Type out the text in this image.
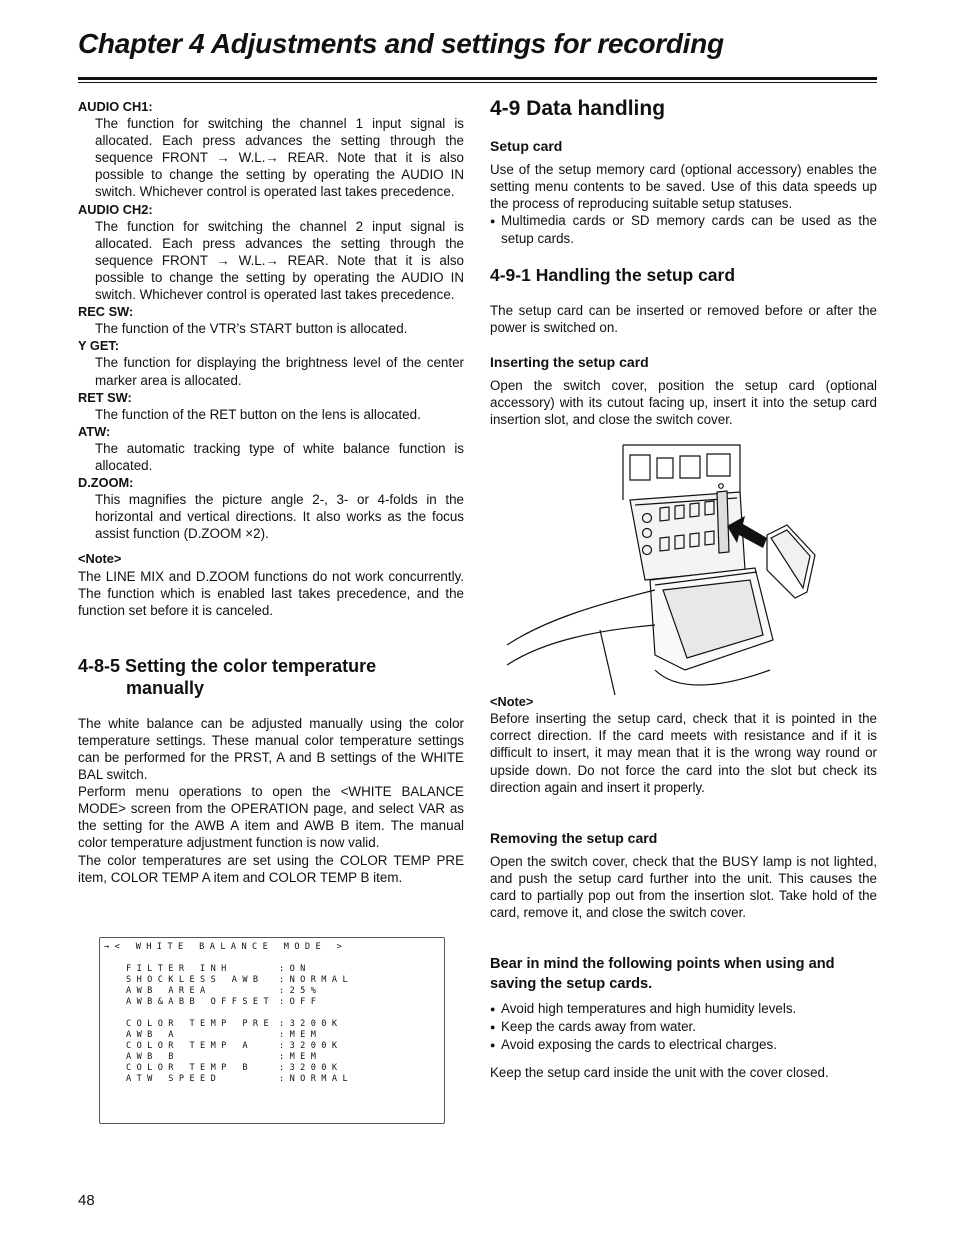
Chapter 4 Adjustments and settings for recording

AUDIO CH1:

The function for switching the channel 1 input signal is allocated. Each press advances the setting through the sequence FRONT → W.L.→ REAR. Note that it is also possible to change the setting by operating the AUDIO IN switch. Whichever control is operated last takes precedence.

AUDIO CH2:

The function for switching the channel 2 input signal is allocated. Each press advances the setting through the sequence FRONT → W.L.→ REAR. Note that it is also possible to change the setting by operating the AUDIO IN switch. Whichever control is operated last takes precedence.

REC SW:

The function of the VTR’s START button is allocated.

Y GET:

The function for displaying the brightness level of the center marker area is allocated.

RET SW:

The function of the RET button on the lens is allocated.

ATW:

The automatic tracking type of white balance function is allocated.

D.ZOOM:

This magnifies the picture angle 2-, 3- or 4-folds in the horizontal and vertical directions. It also works as the focus assist function (D.ZOOM ×2).

<Note>

The LINE MIX and D.ZOOM functions do not work concurrently. The function which is enabled last takes precedence, and the function set before it is canceled.

4-8-5 Setting the color temperature
manually

The white balance can be adjusted manually using the color temperature settings. These manual color temperature settings can be performed for the PRST, A and B settings of the WHITE BAL switch.

Perform menu operations to open the <WHITE BALANCE MODE> screen from the OPERATION page, and select VAR as the setting for the AWB A item and AWB B item. The manual color temperature adjustment function is now valid.

The color temperatures are set using the COLOR TEMP PRE item, COLOR TEMP A item and COLOR TEMP B item.

→< WHITE BALANCE MODE >
FILTER INH	:ON
SHOCKLESS AWB :NORMAL
AWB AREA	:25%
AWB&ABB OFFSET :OFF
COLOR TEMP PRE :3200K
AWB A	:MEM
COLOR TEMP A	:3200K
AWB B	:MEM
COLOR TEMP B	:3200K
ATW SPEED	:NORMAL
4-9 Data handling

Setup card

Use of the setup memory card (optional accessory) enables the setting menu contents to be saved. Use of this data speeds up the process of reproducing suitable setup statuses.

● Multimedia cards or SD memory cards can be used as the setup cards.

4-9-1 Handling the setup card

The setup card can be inserted or removed before or after the power is switched on.

Inserting the setup card

Open the switch cover, position the setup card (optional accessory) with its cutout facing up, insert it into the setup card insertion slot, and close the switch cover.

<Note>

Before inserting the setup card, check that it is pointed in the correct direction. If the card meets with resistance and if it is difficult to insert, it may mean that it is the wrong way round or upside down. Do not force the card into the slot but check its direction again and insert it properly.

Removing the setup card

Open the switch cover, check that the BUSY lamp is not lighted, and push the setup card further into the unit. This causes the card to partially pop out from the insertion slot. Take hold of the card, remove it, and close the switch cover.

Bear in mind the following points when using and saving the setup cards.

● Avoid high temperatures and high humidity levels.

● Keep the cards away from water.

● Avoid exposing the cards to electrical charges.

Keep the setup card inside the unit with the cover closed.

48
